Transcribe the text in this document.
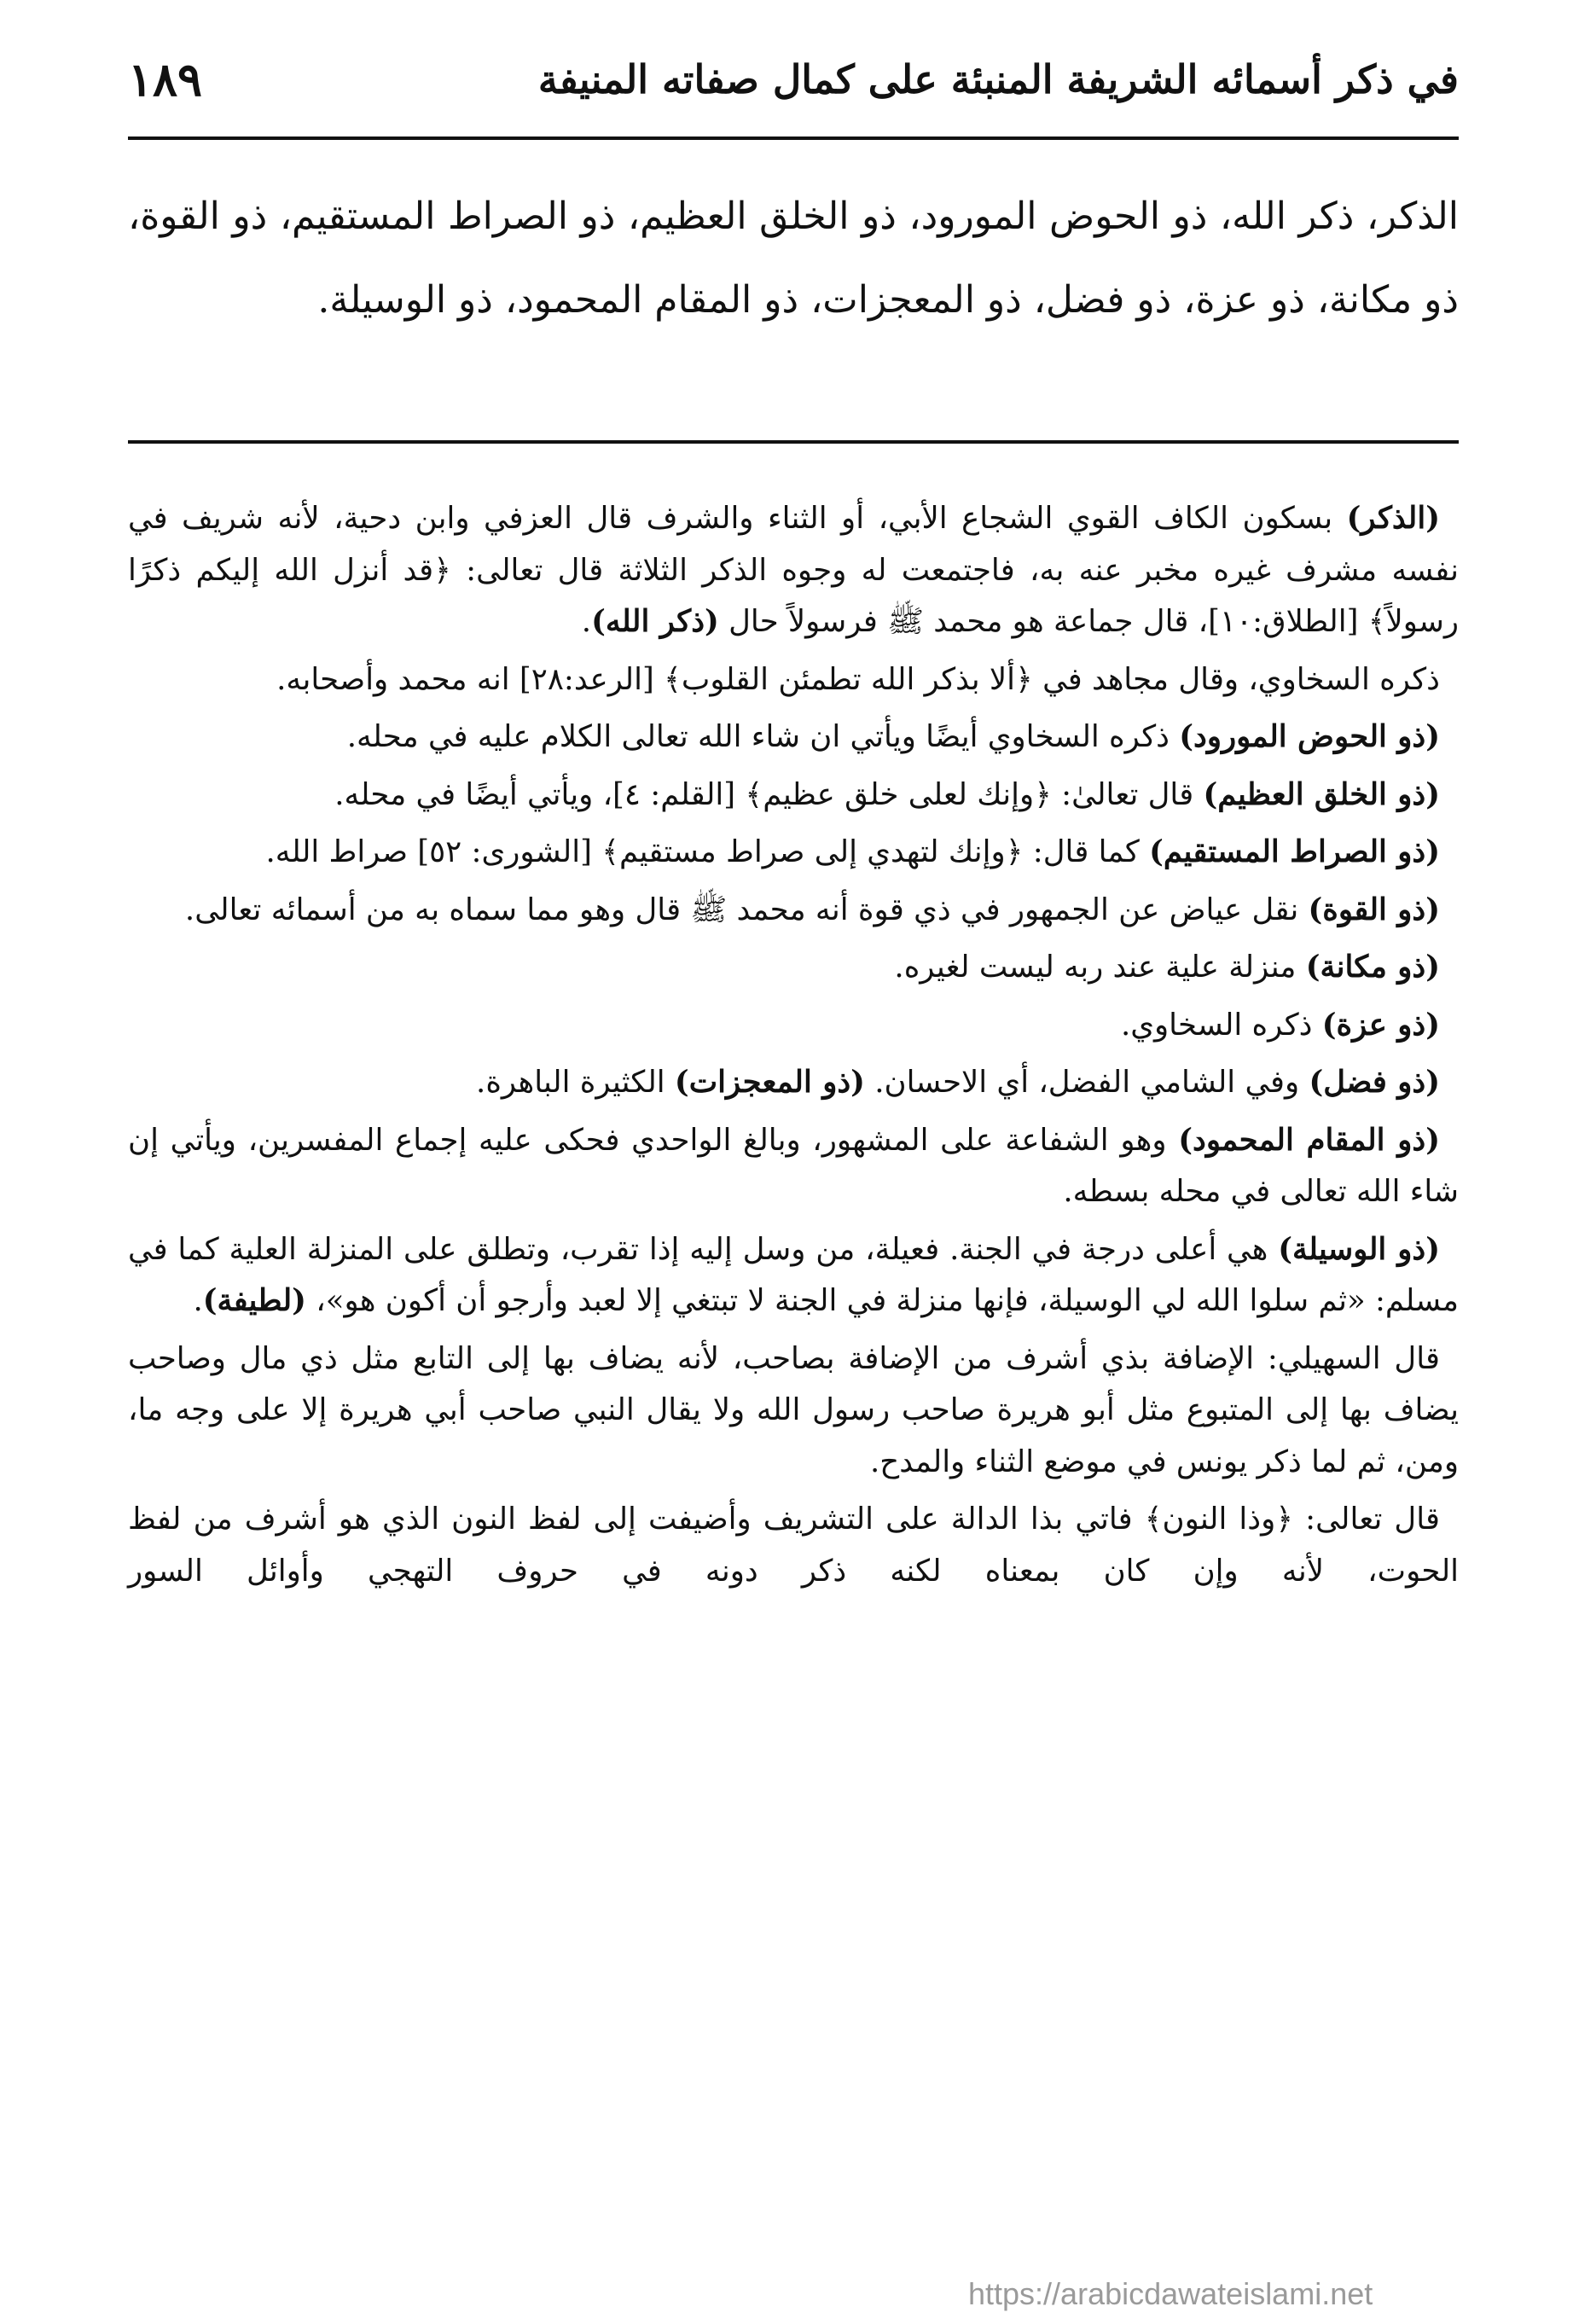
في ذكر أسمائه الشريفة المنبئة على كمال صفاته المنيفة
١٨٩
الذكر، ذكر الله، ذو الحوض المورود، ذو الخلق العظيم، ذو الصراط المستقيم، ذو القوة، ذو مكانة، ذو عزة، ذو فضل، ذو المعجزات، ذو المقام المحمود، ذو الوسيلة.

(الذكر) بسكون الكاف القوي الشجاع الأبي، أو الثناء والشرف قال العزفي وابن دحية، لأنه شريف في نفسه مشرف غيره مخبر عنه به، فاجتمعت له وجوه الذكر الثلاثة قال تعالى: ﴿قد أنزل الله إليكم ذكرًا رسولاً﴾ [الطلاق:١٠]، قال جماعة هو محمد ﷺ فرسولاً حال (ذكر الله).

ذكره السخاوي، وقال مجاهد في ﴿ألا بذكر الله تطمئن القلوب﴾ [الرعد:٢٨] انه محمد وأصحابه.

(ذو الحوض المورود) ذكره السخاوي أيضًا ويأتي ان شاء الله تعالى الكلام عليه في محله.

(ذو الخلق العظيم) قال تعالىٰ: ﴿وإنك لعلى خلق عظيم﴾ [القلم: ٤]، ويأتي أيضًا في محله.

(ذو الصراط المستقيم) كما قال: ﴿وإنك لتهدي إلى صراط مستقيم﴾ [الشورى: ٥٢] صراط الله.

(ذو القوة) نقل عياض عن الجمهور في ذي قوة أنه محمد ﷺ قال وهو مما سماه به من أسمائه تعالى.

(ذو مكانة) منزلة علية عند ربه ليست لغيره.

(ذو عزة) ذكره السخاوي.

(ذو فضل) وفي الشامي الفضل، أي الاحسان. (ذو المعجزات) الكثيرة الباهرة.

(ذو المقام المحمود) وهو الشفاعة على المشهور، وبالغ الواحدي فحكى عليه إجماع المفسرين، ويأتي إن شاء الله تعالى في محله بسطه.

(ذو الوسيلة) هي أعلى درجة في الجنة. فعيلة، من وسل إليه إذا تقرب، وتطلق على المنزلة العلية كما في مسلم: «ثم سلوا الله لي الوسيلة، فإنها منزلة في الجنة لا تبتغي إلا لعبد وأرجو أن أكون هو»، (لطيفة).

قال السهيلي: الإضافة بذي أشرف من الإضافة بصاحب، لأنه يضاف بها إلى التابع مثل ذي مال وصاحب يضاف بها إلى المتبوع مثل أبو هريرة صاحب رسول الله ولا يقال النبي صاحب أبي هريرة إلا على وجه ما، ومن، ثم لما ذكر يونس في موضع الثناء والمدح.

قال تعالى: ﴿وذا النون﴾ فاتي بذا الدالة على التشريف وأضيفت إلى لفظ النون الذي هو أشرف من لفظ الحوت، لأنه وإن كان بمعناه لكنه ذكر دونه في حروف التهجي وأوائل السور

https://arabicdawateislami.net
